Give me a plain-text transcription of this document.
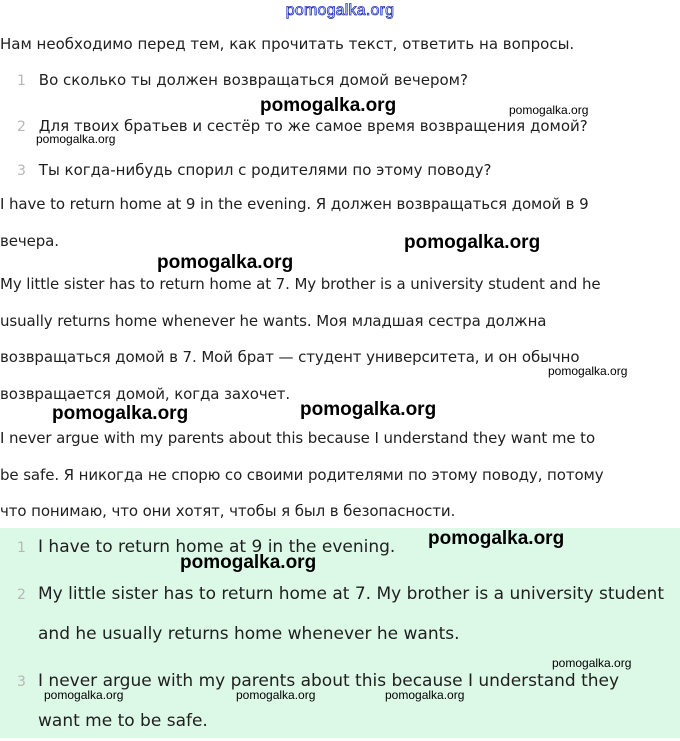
pomogalka.org
Нам необходимо перед тем, как прочитать текст, ответить на вопросы.
1 Во сколько ты должен возвращаться домой вечером?
2 Для твоих братьев и сестёр то же самое время возвращения домой?
3 Ты когда-нибудь спорил с родителями по этому поводу?
I have to return home at 9 in the evening. Я должен возвращаться домой в 9
вечера.
My little sister has to return home at 7. My brother is a university student and he
usually returns home whenever he wants. Моя младшая сестра должна
возвращаться домой в 7. Мой брат — студент университета, и он обычно
возвращается домой, когда захочет.
I never argue with my parents about this because I understand they want me to
be safe. Я никогда не спорю со своими родителями по этому поводу, потому
что понимаю, что они хотят, чтобы я был в безопасности.
1 I have to return home at 9 in the evening.
2 My little sister has to return home at 7. My brother is a university student
and he usually returns home whenever he wants.
3 I never argue with my parents about this because I understand they
want me to be safe.
pomogalka.org	pomogalka.org
pomogalka.org
pomogalka.org
pomogalka.org
pomogalka.org
pomogalka.org	pomogalka.org
pomogalka.org
pomogalka.org
pomogalka.org
pomogalka.org	pomogalka.org	pomogalka.org
